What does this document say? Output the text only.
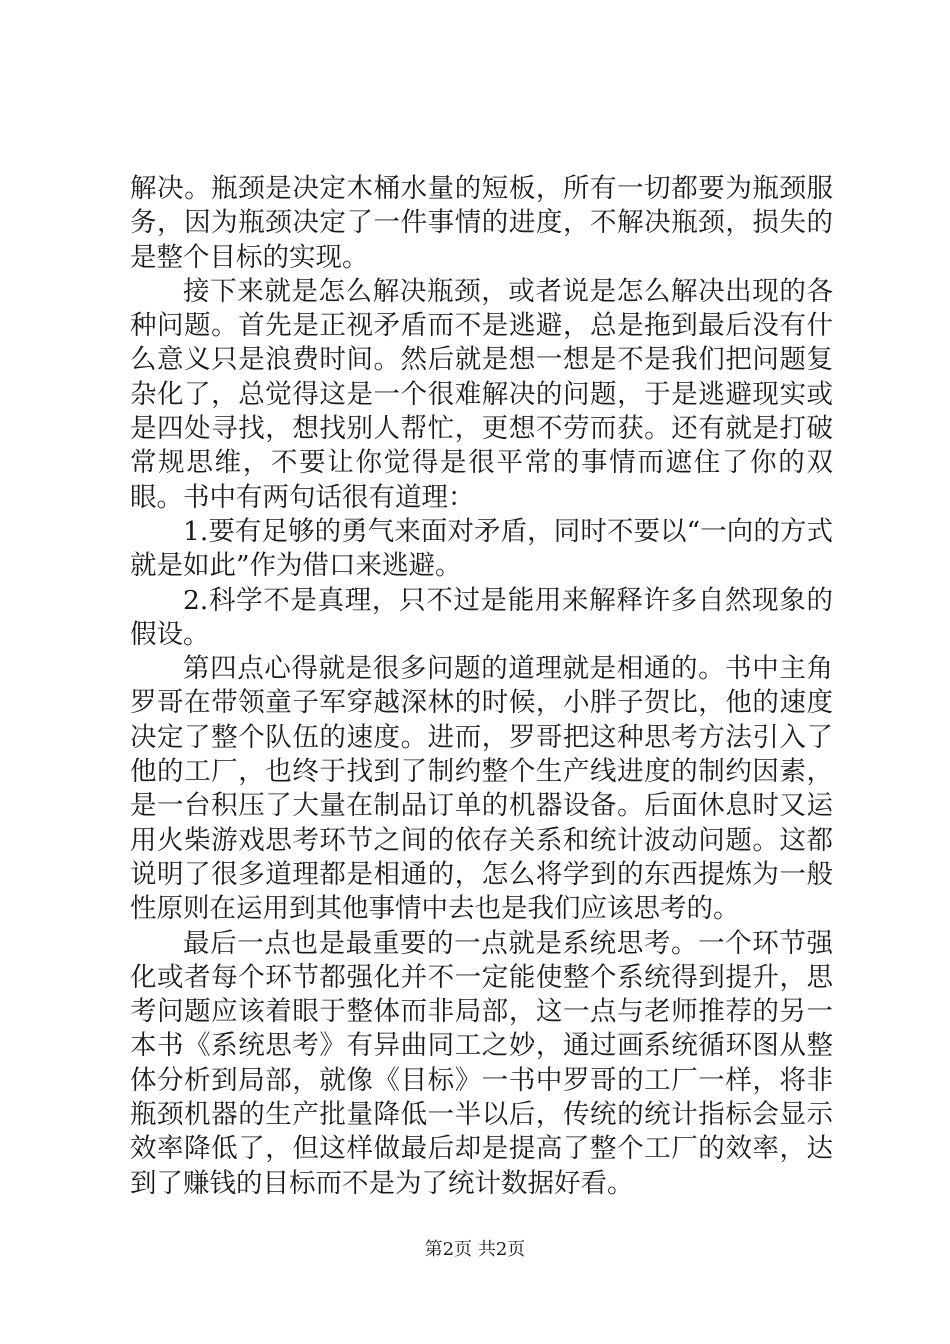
解决。瓶颈是决定木桶水量的短板，所有一切都要为瓶颈服务，因为瓶颈决定了一件事情的进度，不解决瓶颈，损失的是整个目标的实现。

接下来就是怎么解决瓶颈，或者说是怎么解决出现的各种问题。首先是正视矛盾而不是逃避，总是拖到最后没有什么意义只是浪费时间。然后就是想一想是不是我们把问题复杂化了，总觉得这是一个很难解决的问题，于是逃避现实或是四处寻找，想找别人帮忙，更想不劳而获。还有就是打破常规思维，不要让你觉得是很平常的事情而遮住了你的双眼。书中有两句话很有道理：

1.要有足够的勇气来面对矛盾，同时不要以“一向的方式就是如此”作为借口来逃避。

2.科学不是真理，只不过是能用来解释许多自然现象的假设。

第四点心得就是很多问题的道理就是相通的。书中主角罗哥在带领童子军穿越深林的时候，小胖子贺比，他的速度决定了整个队伍的速度。进而，罗哥把这种思考方法引入了他的工厂，也终于找到了制约整个生产线进度的制约因素，是一台积压了大量在制品订单的机器设备。后面休息时又运用火柴游戏思考环节之间的依存关系和统计波动问题。这都说明了很多道理都是相通的，怎么将学到的东西提炼为一般性原则在运用到其他事情中去也是我们应该思考的。

最后一点也是最重要的一点就是系统思考。一个环节强化或者每个环节都强化并不一定能使整个系统得到提升，思考问题应该着眼于整体而非局部，这一点与老师推荐的另一本书《系统思考》有异曲同工之妙，通过画系统循环图从整体分析到局部，就像《目标》一书中罗哥的工厂一样，将非瓶颈机器的生产批量降低一半以后，传统的统计指标会显示效率降低了，但这样做最后却是提高了整个工厂的效率，达到了赚钱的目标而不是为了统计数据好看。

第2页 共2页
